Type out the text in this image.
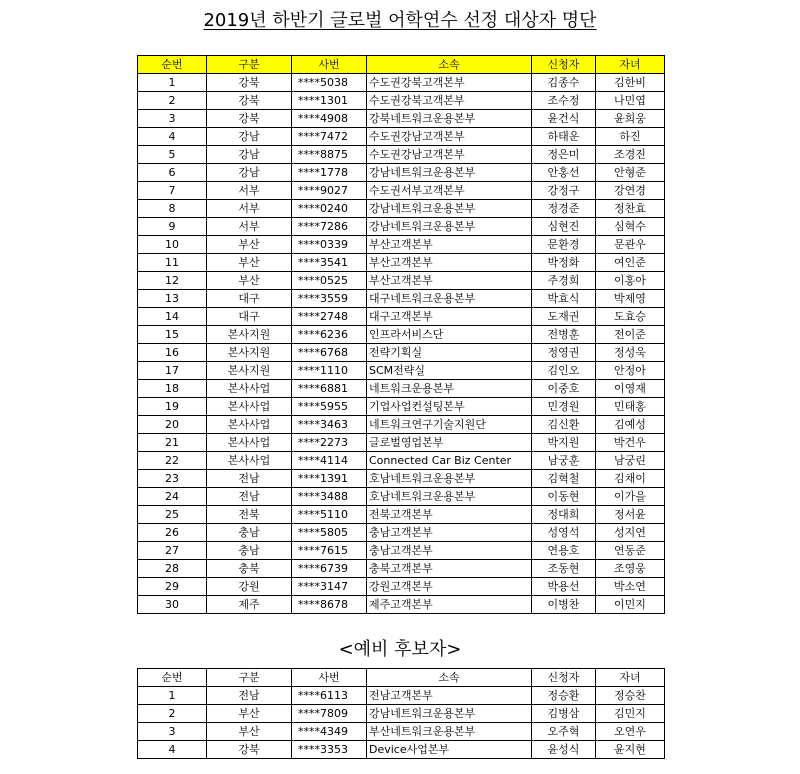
2019년 하반기 글로벌 어학연수 선정 대상자 명단
순번	구분	사번	소속	신청자	자녀
1	강북	****5038	수도권강북고객본부	김종수	김한비
2	강북	****1301	수도권강북고객본부	조수정	나민엽
3	강북	****4908	강북네트워크운용본부	윤건식	윤희웅
4	강남	****7472	수도권강남고객본부	하태운	하진
5	강남	****8875	수도권강남고객본부	정은미	조경진
6	강남	****1778	강남네트워크운용본부	안홍선	안형준
7	서부	****9027	수도권서부고객본부	강정구	강연경
8	서부	****0240	강남네트워크운용본부	정경준	정찬효
9	서부	****7286	강남네트워크운용본부	심현진	심혁수
10	부산	****0339	부산고객본부	문환경	문관우
11	부산	****3541	부산고객본부	박정화	여인준
12	부산	****0525	부산고객본부	주경희	이홍아
13	대구	****3559	대구네트워크운용본부	박효식	박제영
14	대구	****2748	대구고객본부	도재권	도효승
15	본사지원	****6236	인프라서비스단	전병훈	전이준
16	본사지원	****6768	전략기획실	정영권	정성욱
17	본사지원	****1110	SCM전략실	김인오	안정아
18	본사사업	****6881	네트워크운용본부	이중호	이영재
19	본사사업	****5955	기업사업컨설팅본부	민경원	민태홍
20	본사사업	****3463	네트워크연구기술지원단	김신환	김예성
21	본사사업	****2273	글로벌영업본부	박지원	박건우
22	본사사업	****4114	Connected Car Biz Center	남궁훈	남궁린
23	전남	****1391	호남네트워크운용본부	김혁철	김채이
24	전남	****3488	호남네트워크운용본부	이동현	이가을
25	전북	****5110	전북고객본부	정대희	정서윤
26	충남	****5805	충남고객본부	성영석	성지연
27	충남	****7615	충남고객본부	연용호	연동준
28	충북	****6739	충북고객본부	조동현	조영웅
29	강원	****3147	강원고객본부	박용선	박소연
30	제주	****8678	제주고객본부	이병찬	이민지
<예비 후보자>
순번	구분	사번	소속	신청자	자녀
1	전남	****6113	전남고객본부	정승환	정승찬
2	부산	****7809	강남네트워크운용본부	김병삼	김민지
3	부산	****4349	부산네트워크운용본부	오주혁	오연우
4	강북	****3353	Device사업본부	윤성식	윤지현
